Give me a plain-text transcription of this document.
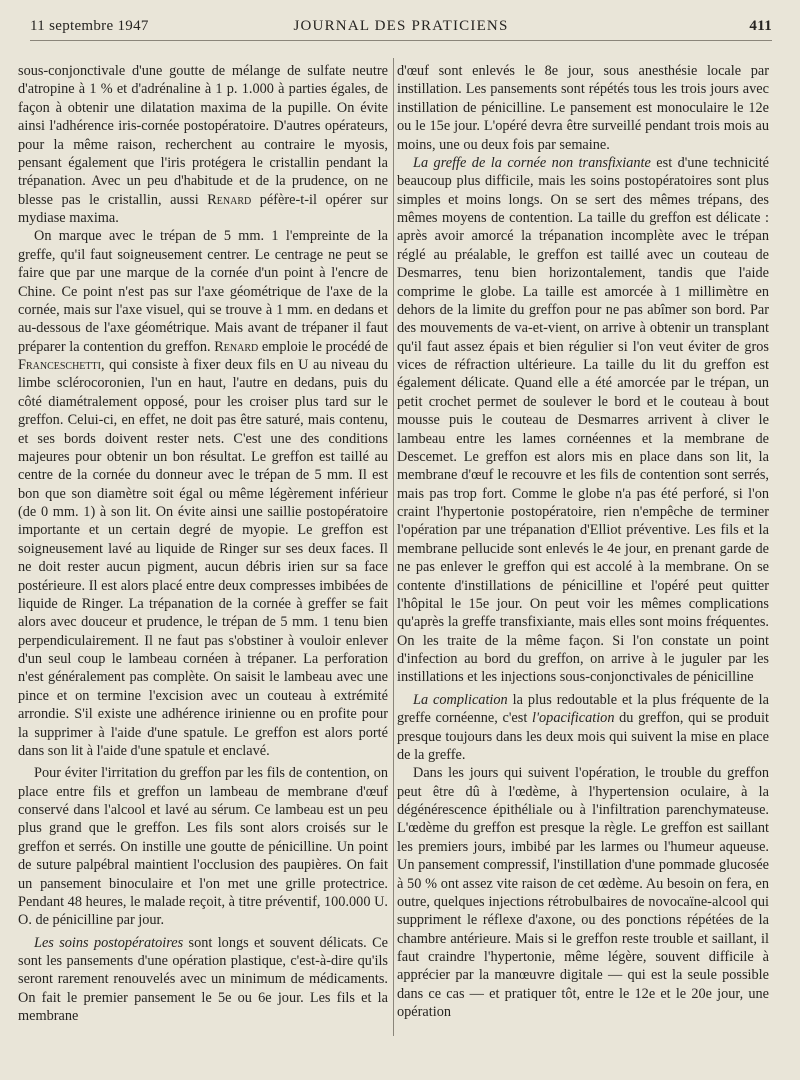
11 septembre 1947	JOURNAL DES PRATICIENS	411

sous-conjonctivale d'une goutte de mélange de sulfate neutre d'atropine à 1 % et d'adrénaline à 1 p. 1.000 à parties égales, de façon à obtenir une dilatation maxima de la pupille. On évite ainsi l'adhérence iris-cornée postopératoire. D'autres opérateurs, pour la même raison, recherchent au contraire le myosis, pensant également que l'iris protégera le cristallin pendant la trépanation. Avec un peu d'habitude et de la prudence, on ne blesse pas le cristallin, aussi Renard péfère-t-il opérer sur mydiase maxima.

On marque avec le trépan de 5 mm. 1 l'empreinte de la greffe, qu'il faut soigneusement centrer. Le centrage ne peut se faire que par une marque de la cornée d'un point à l'encre de Chine. Ce point n'est pas sur l'axe géométrique de l'axe de la cornée, mais sur l'axe visuel, qui se trouve à 1 mm. en dedans et au-dessous de l'axe géométrique. Mais avant de trépaner il faut préparer la contention du greffon. Renard emploie le procédé de Franceschetti, qui consiste à fixer deux fils en U au niveau du limbe sclérocoronien, l'un en haut, l'autre en dedans, puis du côté diamétralement opposé, pour les croiser plus tard sur le greffon. Celui-ci, en effet, ne doit pas être saturé, mais contenu, et ses bords doivent rester nets. C'est une des conditions majeures pour obtenir un bon résultat. Le greffon est taillé au centre de la cornée du donneur avec le trépan de 5 mm. Il est bon que son diamètre soit égal ou même légèrement inférieur (de 0 mm. 1) à son lit. On évite ainsi une saillie postopératoire importante et un certain degré de myopie. Le greffon est soigneusement lavé au liquide de Ringer sur ses deux faces. Il ne doit rester aucun pigment, aucun débris irien sur sa face postérieure. Il est alors placé entre deux compresses imbibées de liquide de Ringer. La trépanation de la cornée à greffer se fait alors avec douceur et prudence, le trépan de 5 mm. 1 tenu bien perpendiculairement. Il ne faut pas s'obstiner à vouloir enlever d'un seul coup le lambeau cornéen à trépaner. La perforation n'est généralement pas complète. On saisit le lambeau avec une pince et on termine l'excision avec un couteau à extrémité arrondie. S'il existe une adhérence irinienne ou en profite pour la supprimer à l'aide d'une spatule. Le greffon est alors porté dans son lit à l'aide d'une spatule et enclavé.

Pour éviter l'irritation du greffon par les fils de contention, on place entre fils et greffon un lambeau de membrane d'œuf conservé dans l'alcool et lavé au sérum. Ce lambeau est un peu plus grand que le greffon. Les fils sont alors croisés sur le greffon et serrés. On instille une goutte de pénicilline. Un point de suture palpébral maintient l'occlusion des paupières. On fait un pansement binoculaire et l'on met une grille protectrice. Pendant 48 heures, le malade reçoit, à titre préventif, 100.000 U. O. de pénicilline par jour.

Les soins postopératoires sont longs et souvent délicats. Ce sont les pansements d'une opération plastique, c'est-à-dire qu'ils seront rarement renouvelés avec un minimum de médicaments. On fait le premier pansement le 5e ou 6e jour. Les fils et la membrane

d'œuf sont enlevés le 8e jour, sous anesthésie locale par instillation. Les pansements sont répétés tous les trois jours avec instillation de pénicilline. Le pansement est monoculaire le 12e ou le 15e jour. L'opéré devra être surveillé pendant trois mois au moins, une ou deux fois par semaine.

La greffe de la cornée non transfixiante est d'une technicité beaucoup plus difficile, mais les soins postopératoires sont plus simples et moins longs. On se sert des mêmes trépans, des mêmes moyens de contention. La taille du greffon est délicate : après avoir amorcé la trépanation incomplète avec le trépan réglé au préalable, le greffon est taillé avec un couteau de Desmarres, tenu bien horizontalement, tandis que l'aide comprime le globe. La taille est amorcée à 1 millimètre en dehors de la limite du greffon pour ne pas abîmer son bord. Par des mouvements de va-et-vient, on arrive à obtenir un transplant qu'il faut assez épais et bien régulier si l'on veut éviter de gros vices de réfraction ultérieure. La taille du lit du greffon est également délicate. Quand elle a été amorcée par le trépan, un petit crochet permet de soulever le bord et le couteau à bout mousse puis le couteau de Desmarres arrivent à cliver le lambeau entre les lames cornéennes et la membrane de Descemet. Le greffon est alors mis en place dans son lit, la membrane d'œuf le recouvre et les fils de contention sont serrés, mais pas trop fort. Comme le globe n'a pas été perforé, si l'on craint l'hypertonie postopératoire, rien n'empêche de terminer l'opération par une trépanation d'Elliot préventive. Les fils et la membrane pellucide sont enlevés le 4e jour, en prenant garde de ne pas enlever le greffon qui est accolé à la membrane. On se contente d'instillations de pénicilline et l'opéré peut quitter l'hôpital le 15e jour. On peut voir les mêmes complications qu'après la greffe transfixiante, mais elles sont moins fréquentes. On les traite de la même façon. Si l'on constate un point d'infection au bord du greffon, on arrive à le juguler par les instillations et les injections sous-conjonctivales de pénicilline

La complication la plus redoutable et la plus fréquente de la greffe cornéenne, c'est l'opacification du greffon, qui se produit presque toujours dans les deux mois qui suivent la mise en place de la greffe.

Dans les jours qui suivent l'opération, le trouble du greffon peut être dû à l'œdème, à l'hypertension oculaire, à la dégénérescence épithéliale ou à l'infiltration parenchymateuse. L'œdème du greffon est presque la règle. Le greffon est saillant les premiers jours, imbibé par les larmes ou l'humeur aqueuse. Un pansement compressif, l'instillation d'une pommade glucosée à 50 % ont assez vite raison de cet œdème. Au besoin on fera, en outre, quelques injections rétrobulbaires de novocaïne-alcool qui suppriment le réflexe d'axone, ou des ponctions répétées de la chambre antérieure. Mais si le greffon reste trouble et saillant, il faut craindre l'hypertonie, même légère, souvent difficile à apprécier par la manœuvre digitale — qui est la seule possible dans ce cas — et pratiquer tôt, entre le 12e et le 20e jour, une opération
